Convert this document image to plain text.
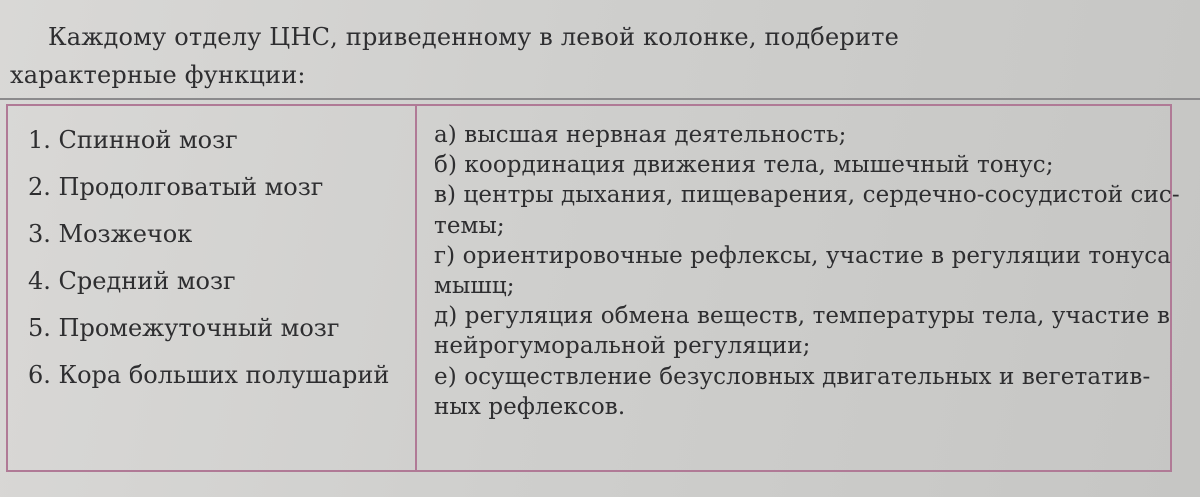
Каждому отделу ЦНС, приведенному в левой колонке, подберите
характерные функции:
1. Спинной мозг
2. Продолговатый мозг
3. Мозжечок
4. Средний мозг
5. Промежуточный мозг
6. Кора больших полушарий
а) высшая нервная деятельность;
б) координация движения тела, мышечный тонус;
в) центры дыхания, пищеварения, сердечно-сосудистой сис-
темы;
г) ориентировочные рефлексы, участие в регуляции тонуса
мышц;
д) регуляция обмена веществ, температуры тела, участие в
нейрогуморальной регуляции;
е) осуществление безусловных двигательных и вегетатив-
ных рефлексов.
